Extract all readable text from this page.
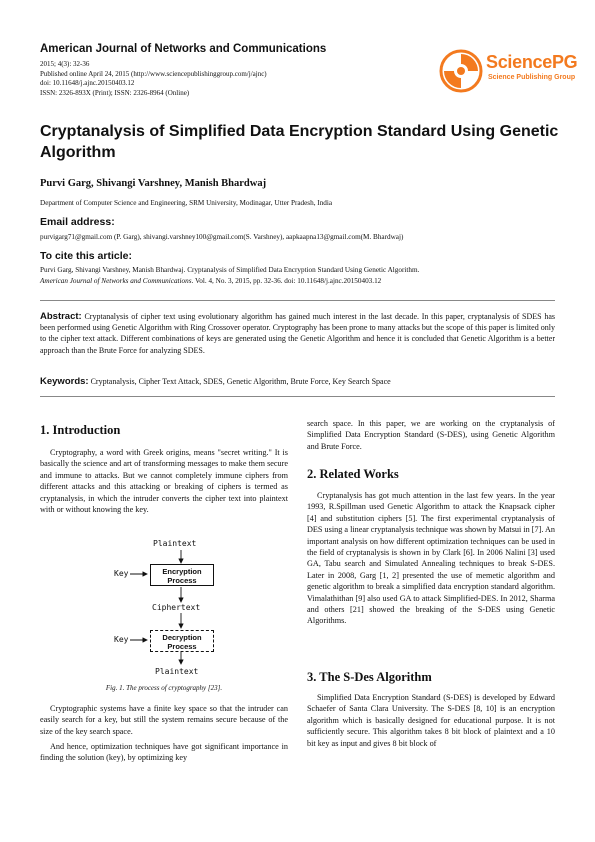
American Journal of Networks and Communications
2015; 4(3): 32-36
Published online April 24, 2015 (http://www.sciencepublishinggroup.com/j/ajnc)
doi: 10.11648/j.ajnc.20150403.12
ISSN: 2326-893X (Print); ISSN: 2326-8964 (Online)
SciencePG
Science Publishing Group
Cryptanalysis of Simplified Data Encryption Standard Using Genetic Algorithm
Purvi Garg, Shivangi Varshney, Manish Bhardwaj
Department of Computer Science and Engineering, SRM University, Modinagar, Utter Pradesh, India
Email address:
purvigarg71@gmail.com (P. Garg), shivangi.varshney100@gmail.com(S. Varshney), aapkaapna13@gmail.com(M. Bhardwaj)
To cite this article:
Purvi Garg, Shivangi Varshney, Manish Bhardwaj. Cryptanalysis of Simplified Data Encryption Standard Using Genetic Algorithm.
American Journal of Networks and Communications. Vol. 4, No. 3, 2015, pp. 32-36. doi: 10.11648/j.ajnc.20150403.12
Abstract: Cryptanalysis of cipher text using evolutionary algorithm has gained much interest in the last decade. In this paper, cryptanalysis of SDES has been performed using Genetic Algorithm with Ring Crossover operator. Cryptography has been prone to many attacks but the scope of this paper is limited only to the cipher text attack. Different combinations of keys are generated using the Genetic Algorithm and hence it is concluded that Genetic Algorithm is a better approach than the Brute Force for analyzing SDES.
Keywords: Cryptanalysis, Cipher Text Attack, SDES, Genetic Algorithm, Brute Force, Key Search Space
1. Introduction
Cryptography, a word with Greek origins, means "secret writing." It is basically the science and art of transforming messages to make them secure and immune to attacks. But we cannot completely immune ciphers from different attacks and this attacking or breaking of ciphers is termed as cryptanalysis, in which the intruder converts the cipher text into plaintext with or without knowing the key.
Plaintext
Key	Encryption
Process
Ciphertext
Key	Decryption
Process
Plaintext
Fig. 1. The process of cryptography [23].
Cryptographic systems have a finite key space so that the intruder can easily search for a key, but still the system remains secure because of the size of the key search space.
And hence, optimization techniques have got significant importance in finding the solution (key), by optimizing key
search space. In this paper, we are working on the cryptanalysis of Simplified Data Encryption Standard (S-DES), using Genetic Algorithm and Brute Force.
2. Related Works
Cryptanalysis has got much attention in the last few years. In the year 1993, R.Spillman used Genetic Algorithm to attack the Knapsack cipher [4] and substitution ciphers [5]. The first experimental cryptanalysis of DES using a linear cryptanalysis technique was shown by Matsui in [7]. An important analysis on how different optimization techniques can be used in the field of cryptanalysis is shown in by Clark [6]. In 2006 Nalini [3] used GA, Tabu search and Simulated Annealing techniques to break S-DES. Later in 2008, Garg [1, 2] presented the use of memetic algorithm and genetic algorithm to break a simplified data encryption standard algorithm. Vimalathithan [9] also used GA to attack Simplified-DES. In 2012, Sharma and others [21] showed the breaking of the S-DES using Genetic Algorithms.
3. The S-Des Algorithm
Simplified Data Encryption Standard (S-DES) is developed by Edward Schaefer of Santa Clara University. The S-DES [8, 10] is an encryption algorithm which is basically designed for educational purpose. It is not sufficiently secure. This algorithm takes 8 bit block of plaintext and a 10 bit key as input and gives 8 bit block of
